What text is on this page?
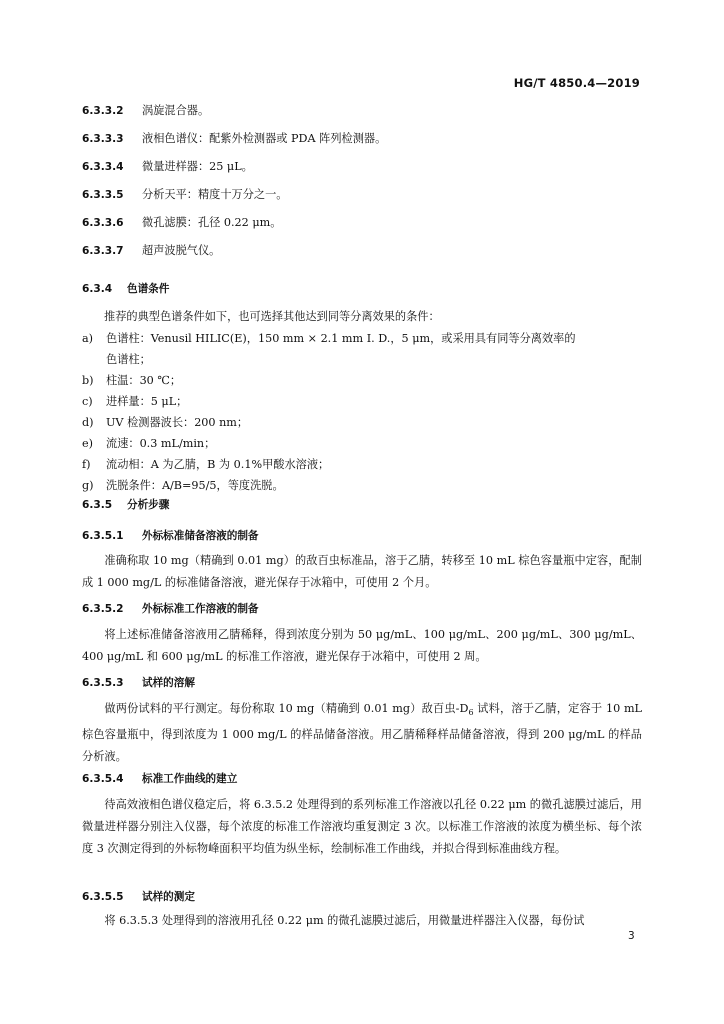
HG/T 4850.4—2019
6.3.3.2 涡旋混合器。
6.3.3.3 液相色谱仪：配紫外检测器或 PDA 阵列检测器。
6.3.3.4 微量进样器：25 μL。
6.3.3.5 分析天平：精度十万分之一。
6.3.3.6 微孔滤膜：孔径 0.22 μm。
6.3.3.7 超声波脱气仪。
6.3.4 色谱条件
推荐的典型色谱条件如下，也可选择其他达到同等分离效果的条件：
a) 色谱柱：Venusil HILIC(E)，150 mm × 2.1 mm I. D.，5 μm，或采用具有同等分离效率的
色谱柱；
b) 柱温：30 ℃；
c) 进样量：5 μL；
d) UV 检测器波长：200 nm；
e) 流速：0.3 mL/min；
f) 流动相：A 为乙腈，B 为 0.1%甲酸水溶液；
g) 洗脱条件：A/B=95/5，等度洗脱。
6.3.5 分析步骤
6.3.5.1 外标标准储备溶液的制备
准确称取 10 mg（精确到 0.01 mg）的敌百虫标准品，溶于乙腈，转移至 10 mL 棕色容量瓶中定容，配制成 1 000 mg/L 的标准储备溶液，避光保存于冰箱中，可使用 2 个月。
6.3.5.2 外标标准工作溶液的制备
将上述标准储备溶液用乙腈稀释，得到浓度分别为 50 μg/mL、100 μg/mL、200 μg/mL、300 μg/mL、400 μg/mL 和 600 μg/mL 的标准工作溶液，避光保存于冰箱中，可使用 2 周。
6.3.5.3 试样的溶解
做两份试料的平行测定。每份称取 10 mg（精确到 0.01 mg）敌百虫$-D_6$ 试料，溶于乙腈，定容于 10 mL 棕色容量瓶中，得到浓度为 1 000 mg/L 的样品储备溶液。用乙腈稀释样品储备溶液，得到 200 μg/mL 的样品分析液。
6.3.5.4 标准工作曲线的建立
待高效液相色谱仪稳定后，将 6.3.5.2 处理得到的系列标准工作溶液以孔径 0.22 μm 的微孔滤膜过滤后，用微量进样器分别注入仪器，每个浓度的标准工作溶液均重复测定 3 次。以标准工作溶液的浓度为横坐标、每个浓度 3 次测定得到的外标物峰面积平均值为纵坐标，绘制标准工作曲线，并拟合得到标准曲线方程。
6.3.5.5 试样的测定
将 6.3.5.3 处理得到的溶液用孔径 0.22 μm 的微孔滤膜过滤后，用微量进样器注入仪器，每份试
3
